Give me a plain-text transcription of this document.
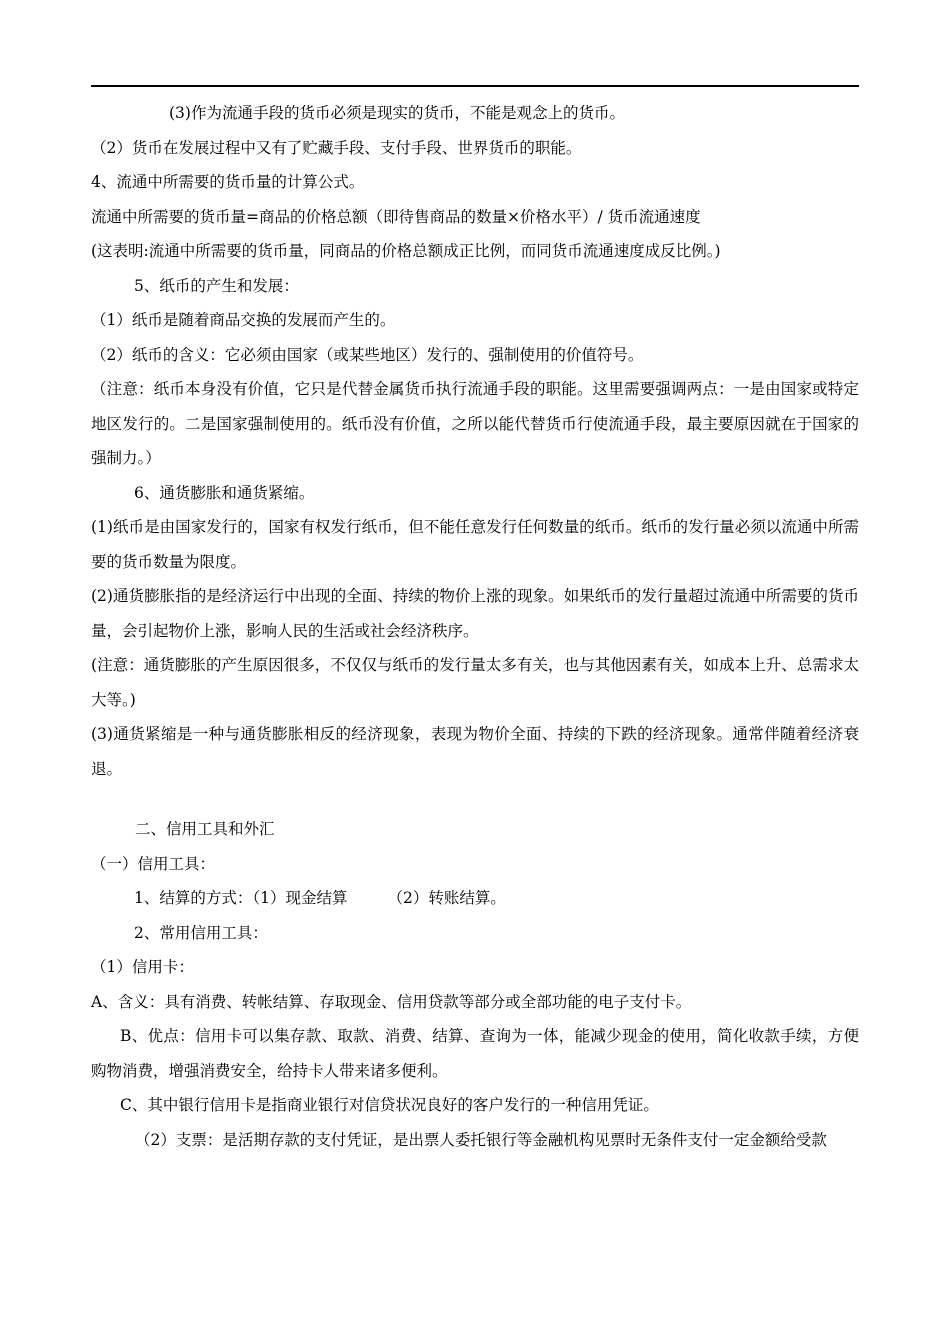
(3)作为流通手段的货币必须是现实的货币，不能是观念上的货币。

（2）货币在发展过程中又有了贮藏手段、支付手段、世界货币的职能。

4、流通中所需要的货币量的计算公式。

流通中所需要的货币量=商品的价格总额（即待售商品的数量×价格水平）/ 货币流通速度

(这表明:流通中所需要的货币量，同商品的价格总额成正比例，而同货币流通速度成反比例。)

5、纸币的产生和发展：

（1）纸币是随着商品交换的发展而产生的。

（2）纸币的含义：它必须由国家（或某些地区）发行的、强制使用的价值符号。

（注意：纸币本身没有价值，它只是代替金属货币执行流通手段的职能。这里需要强调两点：一是由国家或特定地区发行的。二是国家强制使用的。纸币没有价值，之所以能代替货币行使流通手段，最主要原因就在于国家的强制力。）

6、通货膨胀和通货紧缩。

(1)纸币是由国家发行的，国家有权发行纸币，但不能任意发行任何数量的纸币。纸币的发行量必须以流通中所需要的货币数量为限度。

(2)通货膨胀指的是经济运行中出现的全面、持续的物价上涨的现象。如果纸币的发行量超过流通中所需要的货币量，会引起物价上涨，影响人民的生活或社会经济秩序。

(注意：通货膨胀的产生原因很多，不仅仅与纸币的发行量太多有关，也与其他因素有关，如成本上升、总需求太大等。)

(3)通货紧缩是一种与通货膨胀相反的经济现象，表现为物价全面、持续的下跌的经济现象。通常伴随着经济衰退。

二、信用工具和外汇

（一）信用工具：

1、结算的方式：（1）现金结算	（2）转账结算。

2、常用信用工具：

（1）信用卡：

A、含义：具有消费、转帐结算、存取现金、信用贷款等部分或全部功能的电子支付卡。

B、优点：信用卡可以集存款、取款、消费、结算、查询为一体，能减少现金的使用，简化收款手续，方便购物消费，增强消费安全，给持卡人带来诸多便利。

C、其中银行信用卡是指商业银行对信贷状况良好的客户发行的一种信用凭证。

（2）支票：是活期存款的支付凭证，是出票人委托银行等金融机构见票时无条件支付一定金额给受款
